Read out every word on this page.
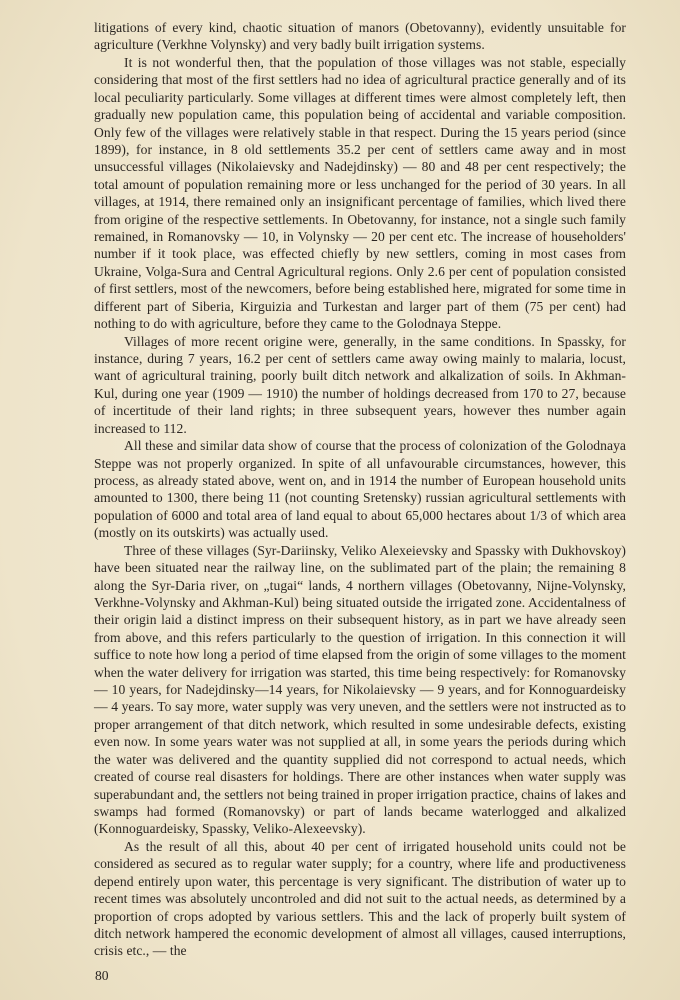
litigations of every kind, chaotic situation of manors (Obetovanny), evidently unsuitable for agriculture (Verkhne Volynsky) and very badly built irrigation systems.

It is not wonderful then, that the population of those villages was not stable, especially considering that most of the first settlers had no idea of agricultural practice generally and of its local peculiarity particularly. Some villages at different times were almost completely left, then gradually new population came, this population being of accidental and variable composition. Only few of the villages were relatively stable in that respect. During the 15 years period (since 1899), for instance, in 8 old settlements 35.2 per cent of settlers came away and in most unsuccessful villages (Nikolaievsky and Nadejdinsky) — 80 and 48 per cent respectively; the total amount of population remaining more or less unchanged for the period of 30 years. In all villages, at 1914, there remained only an insignificant percentage of families, which lived there from origine of the respective settlements. In Obetovanny, for instance, not a single such family remained, in Romanovsky — 10, in Volynsky — 20 per cent etc. The increase of householders' number if it took place, was effected chiefly by new settlers, coming in most cases from Ukraine, Volga-Sura and Central Agricultural regions. Only 2.6 per cent of population consisted of first settlers, most of the newcomers, before being established here, migrated for some time in different part of Siberia, Kirguizia and Turkestan and larger part of them (75 per cent) had nothing to do with agriculture, before they came to the Golodnaya Steppe.

Villages of more recent origine were, generally, in the same conditions. In Spassky, for instance, during 7 years, 16.2 per cent of settlers came away owing mainly to malaria, locust, want of agricultural training, poorly built ditch network and alkalization of soils. In Akhman-Kul, during one year (1909 — 1910) the number of holdings decreased from 170 to 27, because of incertitude of their land rights; in three subsequent years, however thes number again increased to 112.

All these and similar data show of course that the process of colonization of the Golodnaya Steppe was not properly organized. In spite of all unfavourable circumstances, however, this process, as already stated above, went on, and in 1914 the number of European household units amounted to 1300, there being 11 (not counting Sretensky) russian agricultural settlements with population of 6000 and total area of land equal to about 65,000 hectares about 1/3 of which area (mostly on its outskirts) was actually used.

Three of these villages (Syr-Dariinsky, Veliko Alexeievsky and Spassky with Dukhovskoy) have been situated near the railway line, on the sublimated part of the plain; the remaining 8 along the Syr-Daria river, on „tugai“ lands, 4 northern villages (Obetovanny, Nijne-Volynsky, Verkhne-Volynsky and Akhman-Kul) being situated outside the irrigated zone. Accidentalness of their origin laid a distinct impress on their subsequent history, as in part we have already seen from above, and this refers particularly to the question of irrigation. In this connection it will suffice to note how long a period of time elapsed from the origin of some villages to the moment when the water delivery for irrigation was started, this time being respectively: for Romanovsky — 10 years, for Nadejdinsky—14 years, for Nikolaievsky — 9 years, and for Konnoguardeisky — 4 years. To say more, water supply was very uneven, and the settlers were not instructed as to proper arrangement of that ditch network, which resulted in some undesirable defects, existing even now. In some years water was not supplied at all, in some years the periods during which the water was delivered and the quantity supplied did not correspond to actual needs, which created of course real disasters for holdings. There are other instances when water supply was superabundant and, the settlers not being trained in proper irrigation practice, chains of lakes and swamps had formed (Romanovsky) or part of lands became waterlogged and alkalized (Konnoguardeisky, Spassky, Veliko-Alexeevsky).

As the result of all this, about 40 per cent of irrigated household units could not be considered as secured as to regular water supply; for a country, where life and productiveness depend entirely upon water, this percentage is very significant. The distribution of water up to recent times was absolutely uncontroled and did not suit to the actual needs, as determined by a proportion of crops adopted by various settlers. This and the lack of properly built system of ditch network hampered the economic development of almost all villages, caused interruptions, crisis etc., — the

80
